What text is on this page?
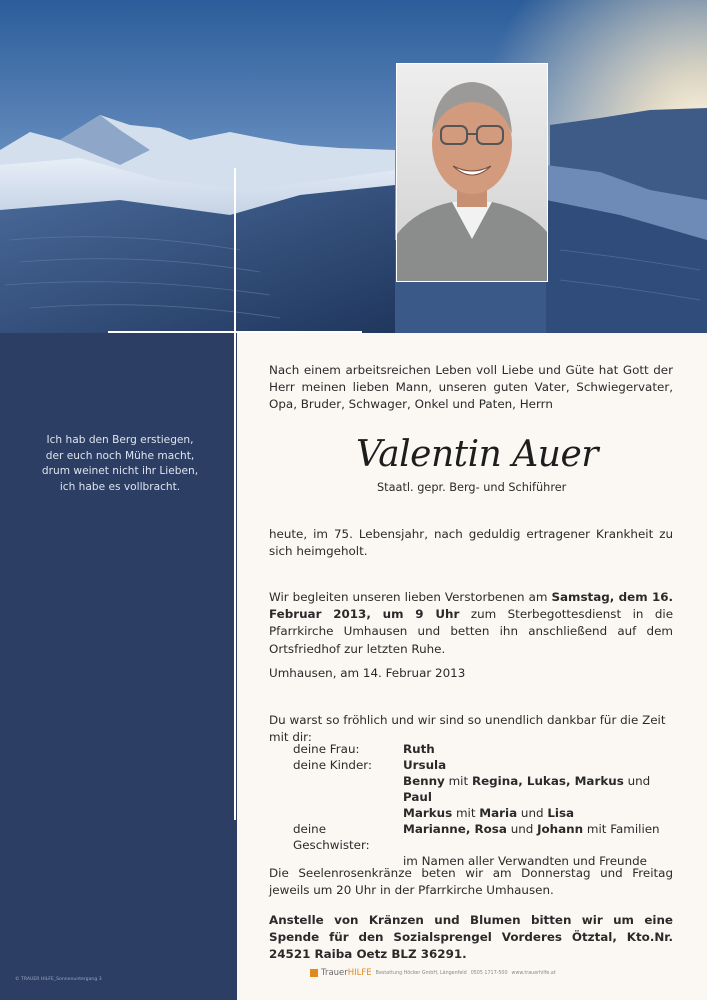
Ich hab den Berg erstiegen,
der euch noch Mühe macht,
drum weinet nicht ihr Lieben,
ich habe es vollbracht.
© TRAUER HILFE_Sonnenuntergang 3
Nach einem arbeitsreichen Leben voll Liebe und Güte hat Gott der Herr meinen lieben Mann, unseren guten Vater, Schwiegervater, Opa, Bruder, Schwager, Onkel und Paten, Herrn
Valentin Auer
Staatl. gepr. Berg- und Schiführer
heute, im 75. Lebensjahr, nach geduldig ertragener Krankheit zu sich heimgeholt.
Wir begleiten unseren lieben Verstorbenen am Samstag, dem 16. Februar 2013, um 9 Uhr zum Sterbegottesdienst in die Pfarrkirche Umhausen und betten ihn anschließend auf dem Ortsfriedhof zur letzten Ruhe.
Umhausen, am 14. Februar 2013
Du warst so fröhlich und wir sind so unendlich dankbar für die Zeit mit dir:
deine Frau:	Ruth
deine Kinder:	Ursula
Benny mit Regina, Lukas, Markus und Paul
Markus mit Maria und Lisa
deine Geschwister:
Marianne, Rosa und Johann mit Familien
im Namen aller Verwandten und Freunde
Die Seelenrosenkränze beten wir am Donnerstag und Freitag jeweils um 20 Uhr in der Pfarrkirche Umhausen.
Anstelle von Kränzen und Blumen bitten wir um eine Spende für den Sozialsprengel Vorderes Ötztal, Kto.Nr. 24521 Raiba Oetz BLZ 36291.
Trauer HILFE Bestattung Höcker GmbH, Längenfeld 0505 1717-500 www.trauerhilfe.at
